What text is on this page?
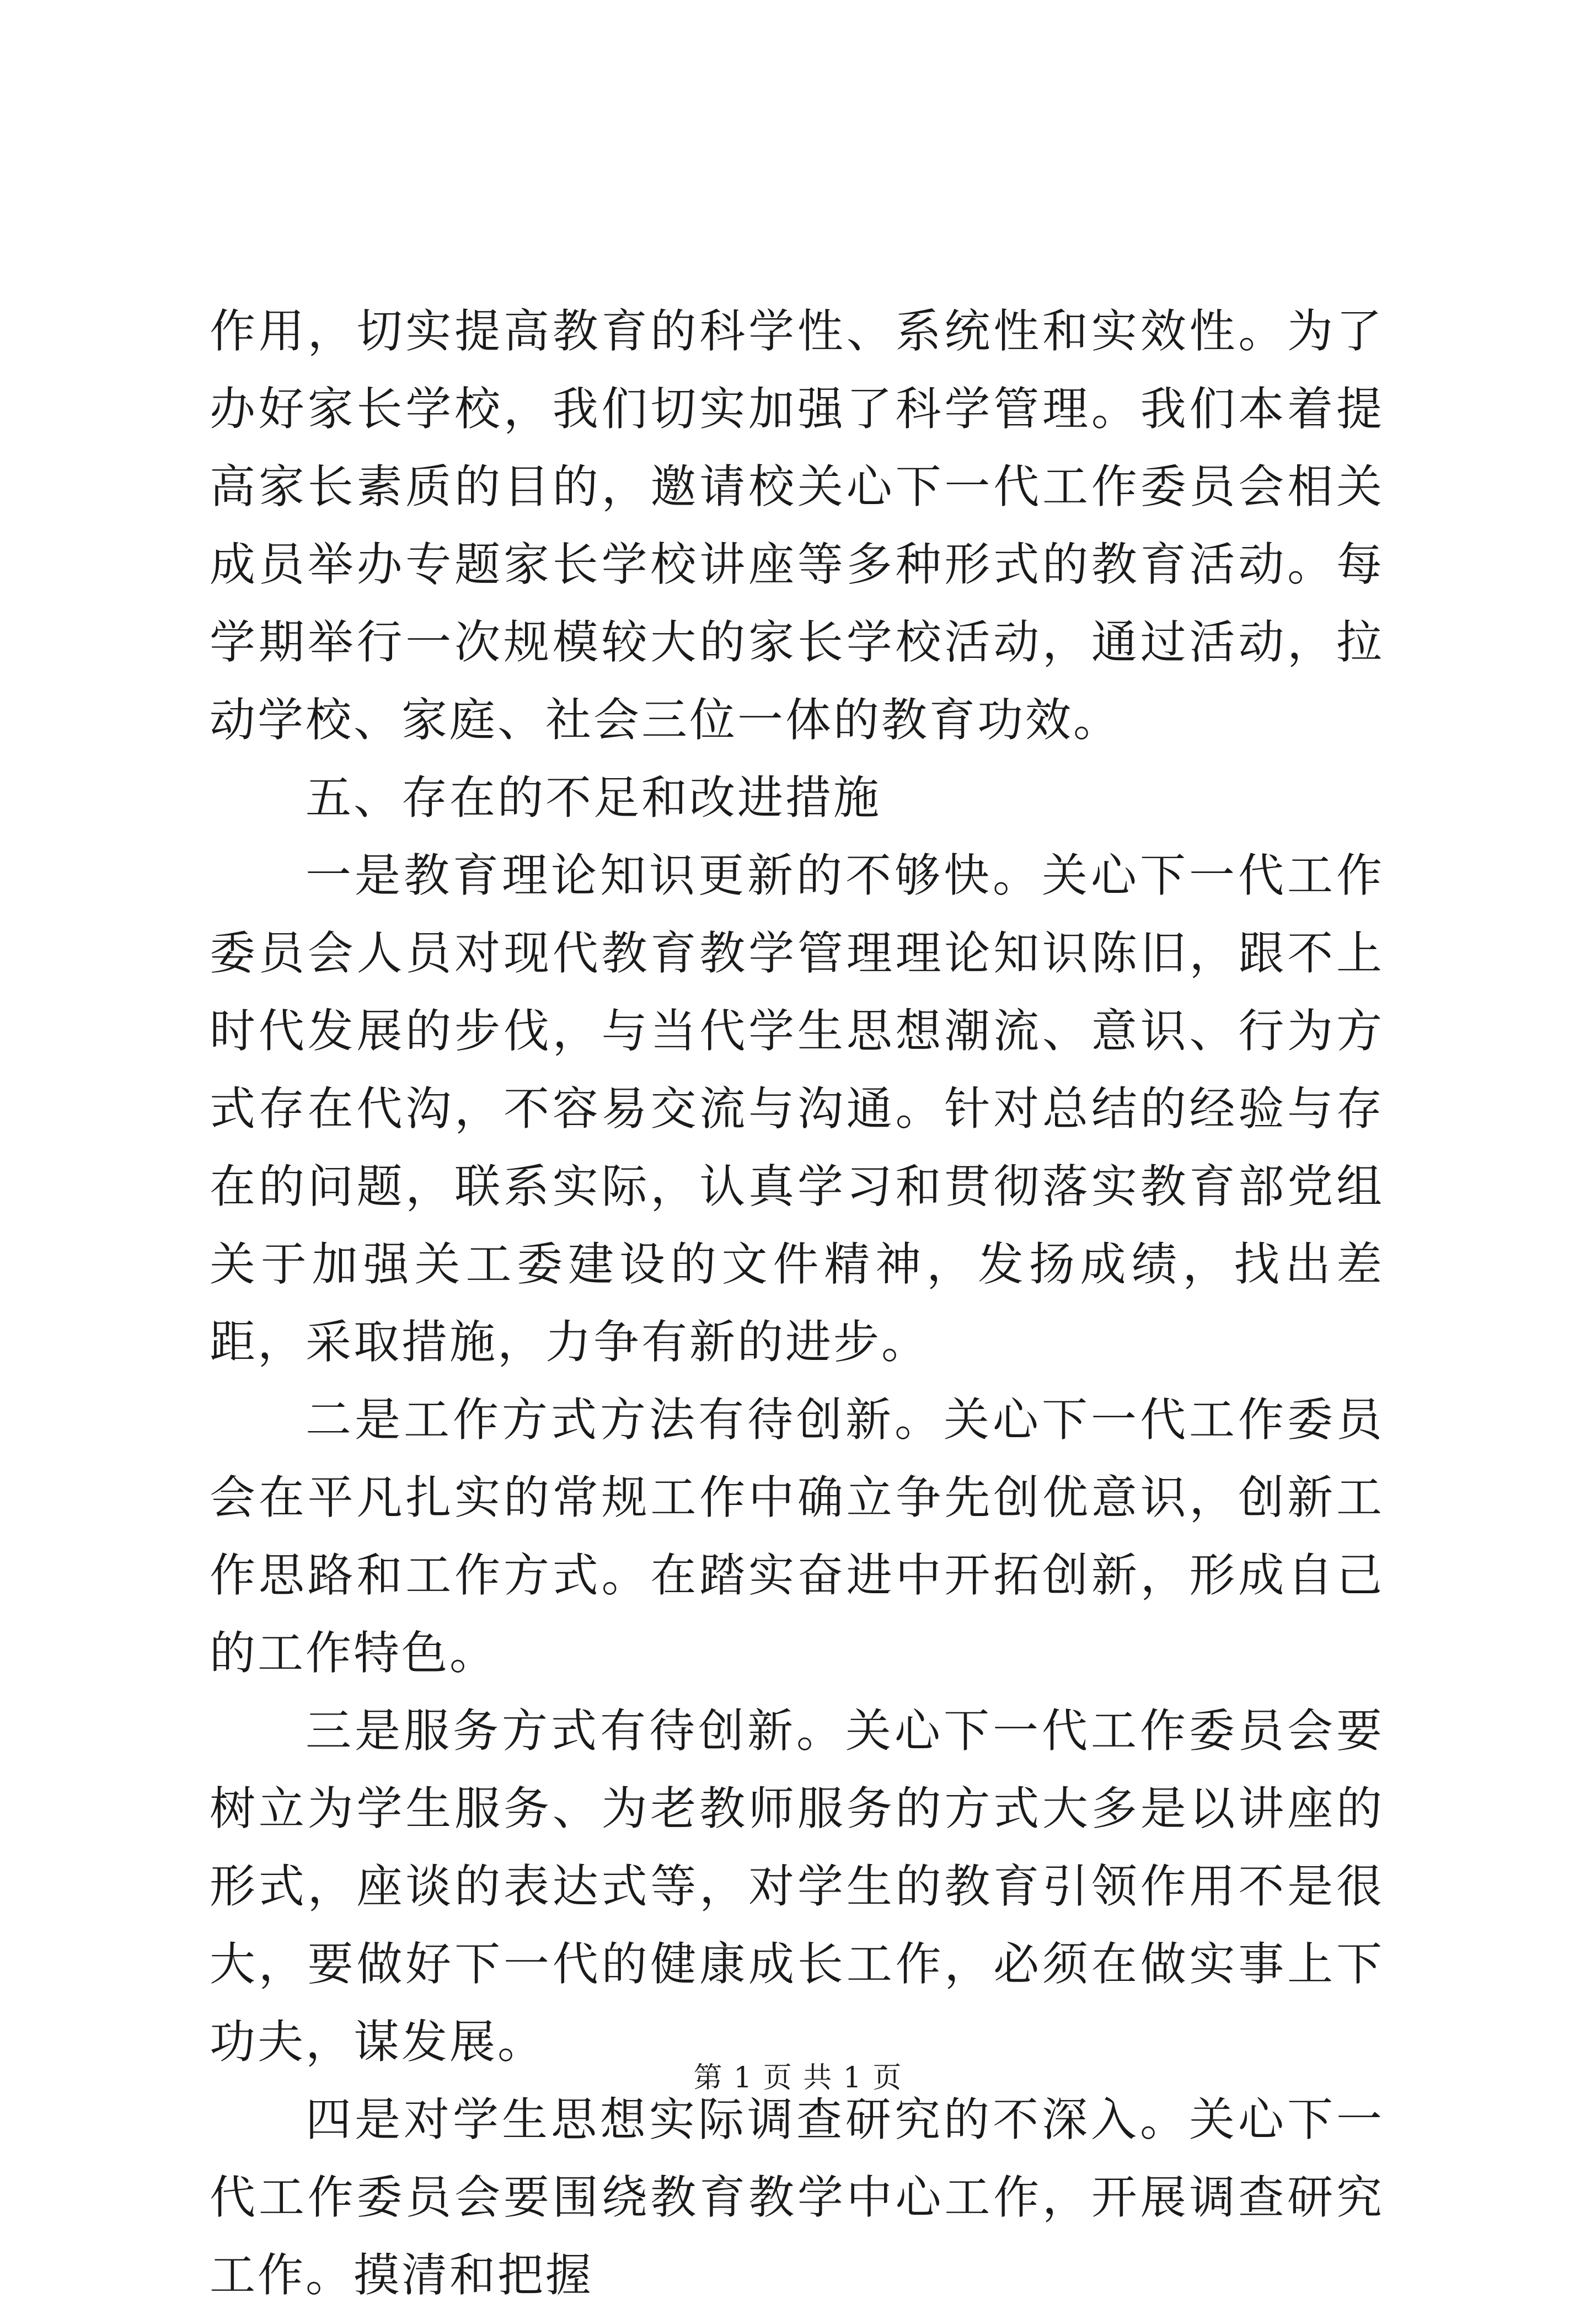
作用，切实提高教育的科学性、系统性和实效性。为了办好家长学校，我们切实加强了科学管理。我们本着提高家长素质的目的，邀请校关心下一代工作委员会相关成员举办专题家长学校讲座等多种形式的教育活动。每学期举行一次规模较大的家长学校活动，通过活动，拉动学校、家庭、社会三位一体的教育功效。

五、存在的不足和改进措施

一是教育理论知识更新的不够快。关心下一代工作委员会人员对现代教育教学管理理论知识陈旧，跟不上时代发展的步伐，与当代学生思想潮流、意识、行为方式存在代沟，不容易交流与沟通。针对总结的经验与存在的问题，联系实际，认真学习和贯彻落实教育部党组关于加强关工委建设的文件精神，发扬成绩，找出差距，采取措施，力争有新的进步。

二是工作方式方法有待创新。关心下一代工作委员会在平凡扎实的常规工作中确立争先创优意识，创新工作思路和工作方式。在踏实奋进中开拓创新，形成自己的工作特色。

三是服务方式有待创新。关心下一代工作委员会要树立为学生服务、为老教师服务的方式大多是以讲座的形式，座谈的表达式等，对学生的教育引领作用不是很大，要做好下一代的健康成长工作，必须在做实事上下功夫，谋发展。

四是对学生思想实际调查研究的不深入。关心下一代工作委员会要围绕教育教学中心工作，开展调查研究工作。摸清和把握

第 1 页 共 1 页
